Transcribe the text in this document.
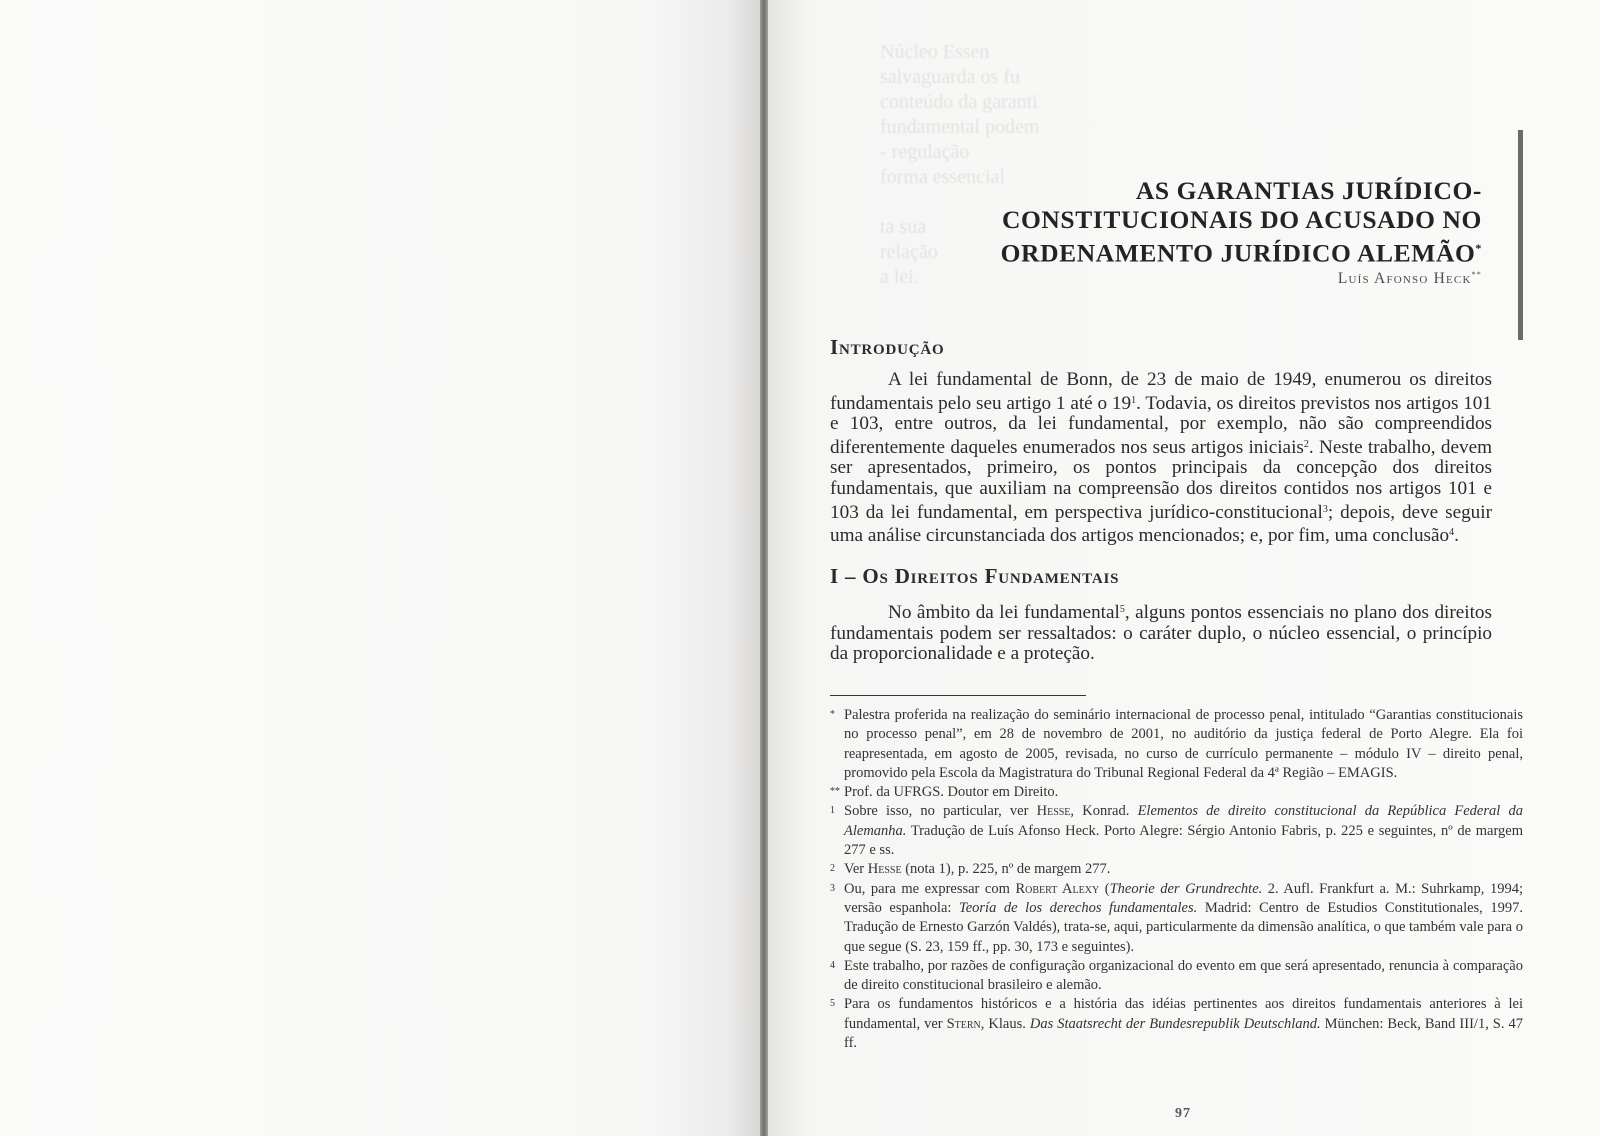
Núcleo Essen
salvaguarda os fu
conteúdo da garanti
fundamental podem
- regulação
forma essencial

ta sua
relação
a lei.

AS GARANTIAS JURÍDICO-

CONSTITUCIONAIS DO ACUSADO NO

ORDENAMENTO JURÍDICO ALEMÃO*

Luís Afonso Heck**
Introdução

A lei fundamental de Bonn, de 23 de maio de 1949, enumerou os direitos fundamentais pelo seu artigo 1 até o 19$^1$. Todavia, os direitos previstos nos artigos 101 e 103, entre outros, da lei fundamental, por exemplo, não são compreendidos diferentemente daqueles enumerados nos seus artigos iniciais$^2$. Neste trabalho, devem ser apresentados, primeiro, os pontos principais da concepção dos direitos fundamentais, que auxiliam na compreensão dos direitos contidos nos artigos 101 e 103 da lei fundamental, em perspectiva jurídico-constitucional$^3$; depois, deve seguir uma análise circunstanciada dos artigos mencionados; e, por fim, uma conclusão$^4$.

I – Os Direitos Fundamentais

No âmbito da lei fundamental$^5$, alguns pontos essenciais no plano dos direitos fundamentais podem ser ressaltados: o caráter duplo, o núcleo essencial, o princípio da proporcionalidade e a proteção.

* Palestra proferida na realização do seminário internacional de processo penal, intitulado “Garantias constitucionais no processo penal”, em 28 de novembro de 2001, no auditório da justiça federal de Porto Alegre. Ela foi reapresentada, em agosto de 2005, revisada, no curso de currículo permanente – módulo IV – direito penal, promovido pela Escola da Magistratura do Tribunal Regional Federal da 4ª Região – EMAGIS.

** Prof. da UFRGS. Doutor em Direito.

1 Sobre isso, no particular, ver Hesse, Konrad. Elementos de direito constitucional da República Federal da Alemanha. Tradução de Luís Afonso Heck. Porto Alegre: Sérgio Antonio Fabris, p. 225 e seguintes, nº de margem 277 e ss.

2 Ver Hesse (nota 1), p. 225, nº de margem 277.

3 Ou, para me expressar com Robert Alexy (Theorie der Grundrechte. 2. Aufl. Frankfurt a. M.: Suhrkamp, 1994; versão espanhola: Teoría de los derechos fundamentales. Madrid: Centro de Estudios Constitutionales, 1997. Tradução de Ernesto Garzón Valdés), trata-se, aqui, particularmente da dimensão analítica, o que também vale para o que segue (S. 23, 159 ff., pp. 30, 173 e seguintes).

4 Este trabalho, por razões de configuração organizacional do evento em que será apresentado, renuncia à comparação de direito constitucional brasileiro e alemão.

5 Para os fundamentos históricos e a história das idéias pertinentes aos direitos fundamentais anteriores à lei fundamental, ver Stern, Klaus. Das Staatsrecht der Bundesrepublik Deutschland. München: Beck, Band III/1, S. 47 ff.

97
